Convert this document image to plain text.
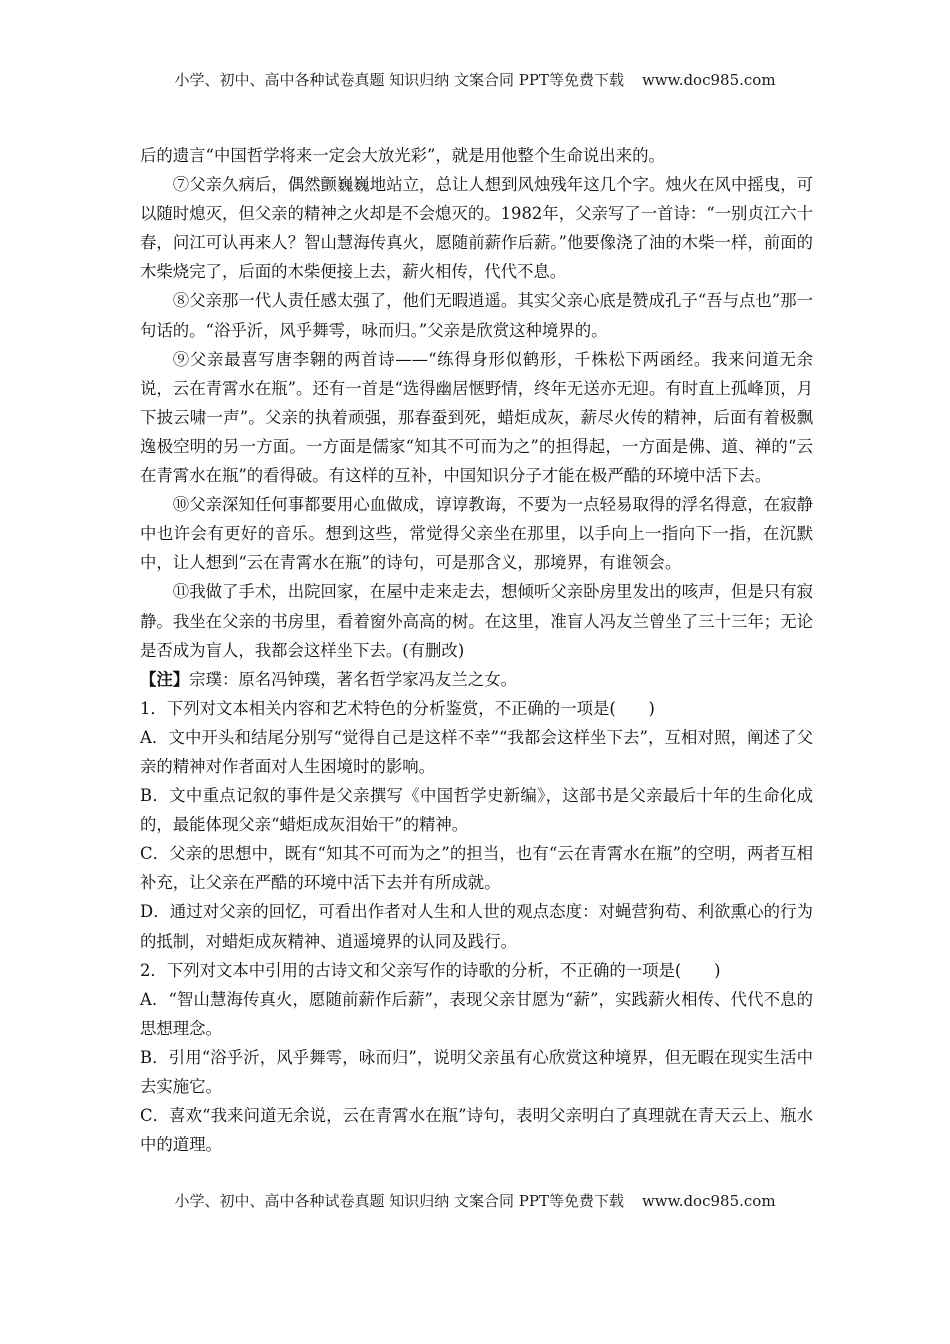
小学、初中、高中各种试卷真题 知识归纳 文案合同 PPT等免费下载 www.doc985.com

后的遗言“中国哲学将来一定会大放光彩”，就是用他整个生命说出来的。

⑦父亲久病后，偶然颤巍巍地站立，总让人想到风烛残年这几个字。烛火在风中摇曳，可以随时熄灭，但父亲的精神之火却是不会熄灭的。1982年，父亲写了一首诗：“一别贞江六十春，问江可认再来人？智山慧海传真火，愿随前薪作后薪。”他要像浇了油的木柴一样，前面的木柴烧完了，后面的木柴便接上去，薪火相传，代代不息。

⑧父亲那一代人责任感太强了，他们无暇逍遥。其实父亲心底是赞成孔子“吾与点也”那一句话的。“浴乎沂，风乎舞雩，咏而归。”父亲是欣赏这种境界的。

⑨父亲最喜写唐李翱的两首诗——“练得身形似鹤形，千株松下两函经。我来问道无余说，云在青霄水在瓶”。还有一首是“选得幽居惬野情，终年无送亦无迎。有时直上孤峰顶，月下披云啸一声”。父亲的执着顽强，那春蚕到死，蜡炬成灰，薪尽火传的精神，后面有着极飘逸极空明的另一方面。一方面是儒家“知其不可而为之”的担得起，一方面是佛、道、禅的“云在青霄水在瓶”的看得破。有这样的互补，中国知识分子才能在极严酷的环境中活下去。

⑩父亲深知任何事都要用心血做成，谆谆教诲，不要为一点轻易取得的浮名得意，在寂静中也许会有更好的音乐。想到这些，常觉得父亲坐在那里，以手向上一指向下一指，在沉默中，让人想到“云在青霄水在瓶”的诗句，可是那含义，那境界，有谁领会。

⑪我做了手术，出院回家，在屋中走来走去，想倾听父亲卧房里发出的咳声，但是只有寂静。我坐在父亲的书房里，看着窗外高高的树。在这里，准盲人冯友兰曾坐了三十三年；无论是否成为盲人，我都会这样坐下去。(有删改)

【注】宗璞：原名冯钟璞，著名哲学家冯友兰之女。

1．下列对文本相关内容和艺术特色的分析鉴赏，不正确的一项是(　　)

A．文中开头和结尾分别写“觉得自己是这样不幸”“我都会这样坐下去”，互相对照，阐述了父亲的精神对作者面对人生困境时的影响。

B．文中重点记叙的事件是父亲撰写《中国哲学史新编》，这部书是父亲最后十年的生命化成的，最能体现父亲“蜡炬成灰泪始干”的精神。

C．父亲的思想中，既有“知其不可而为之”的担当，也有“云在青霄水在瓶”的空明，两者互相补充，让父亲在严酷的环境中活下去并有所成就。

D．通过对父亲的回忆，可看出作者对人生和人世的观点态度：对蝇营狗苟、利欲熏心的行为的抵制，对蜡炬成灰精神、逍遥境界的认同及践行。

2．下列对文本中引用的古诗文和父亲写作的诗歌的分析，不正确的一项是(　　)

A．“智山慧海传真火，愿随前薪作后薪”，表现父亲甘愿为“薪”，实践薪火相传、代代不息的思想理念。

B．引用“浴乎沂，风乎舞雩，咏而归”，说明父亲虽有心欣赏这种境界，但无暇在现实生活中去实施它。

C．喜欢“我来问道无余说，云在青霄水在瓶”诗句，表明父亲明白了真理就在青天云上、瓶水中的道理。

小学、初中、高中各种试卷真题 知识归纳 文案合同 PPT等免费下载 www.doc985.com
